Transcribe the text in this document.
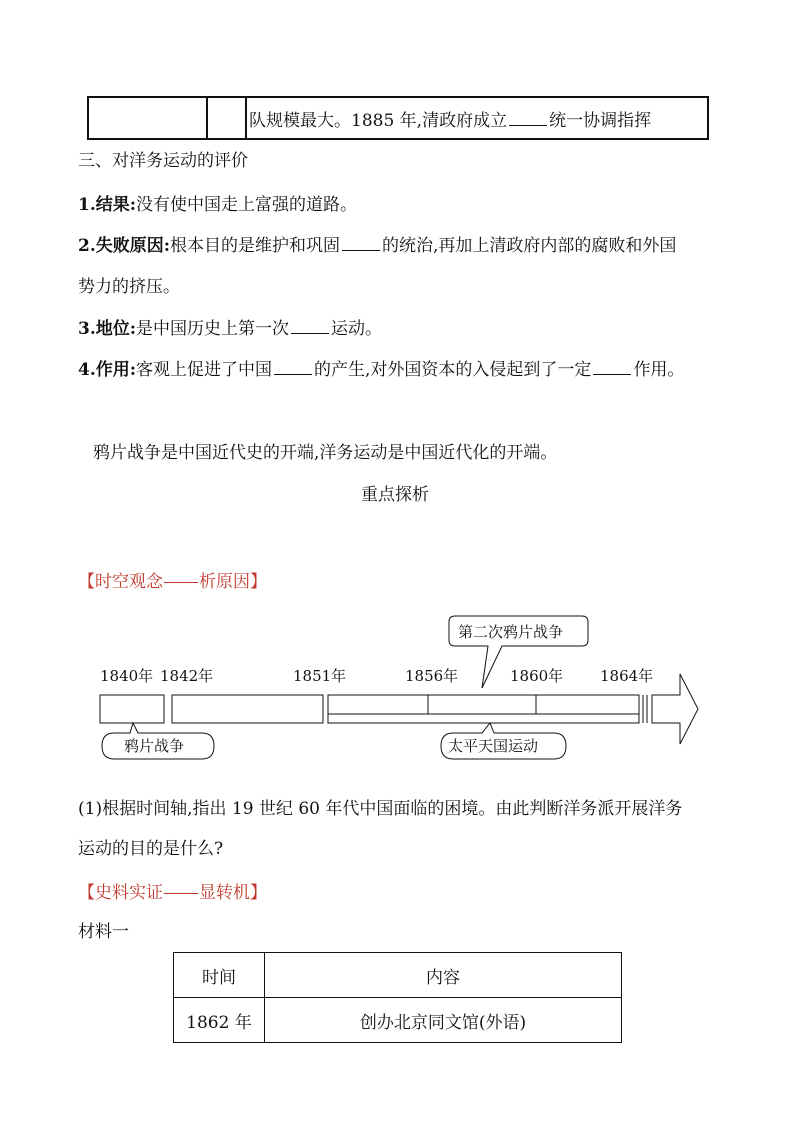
		队规模最大。1885 年,清政府成立 统一协调指挥
三、对洋务运动的评价
1.结果:没有使中国走上富强的道路。
2.失败原因:根本目的是维护和巩固 的统治,再加上清政府内部的腐败和外国
势力的挤压。
3.地位:是中国历史上第一次 运动。
4.作用:客观上促进了中国 的产生,对外国资本的入侵起到了一定 作用。
鸦片战争是中国近代史的开端,洋务运动是中国近代化的开端。
重点探析
【时空观念 析原因】
1840年 1842年	1851年	1856年	1860年 1864年
第二次鸦片战争
鸦片战争	太平天国运动
(1)根据时间轴,指出 19 世纪 60 年代中国面临的困境。由此判断洋务派开展洋务
运动的目的是什么?
【史料实证 显转机】
材料一
时间	内容
1862 年	创办北京同文馆(外语)
